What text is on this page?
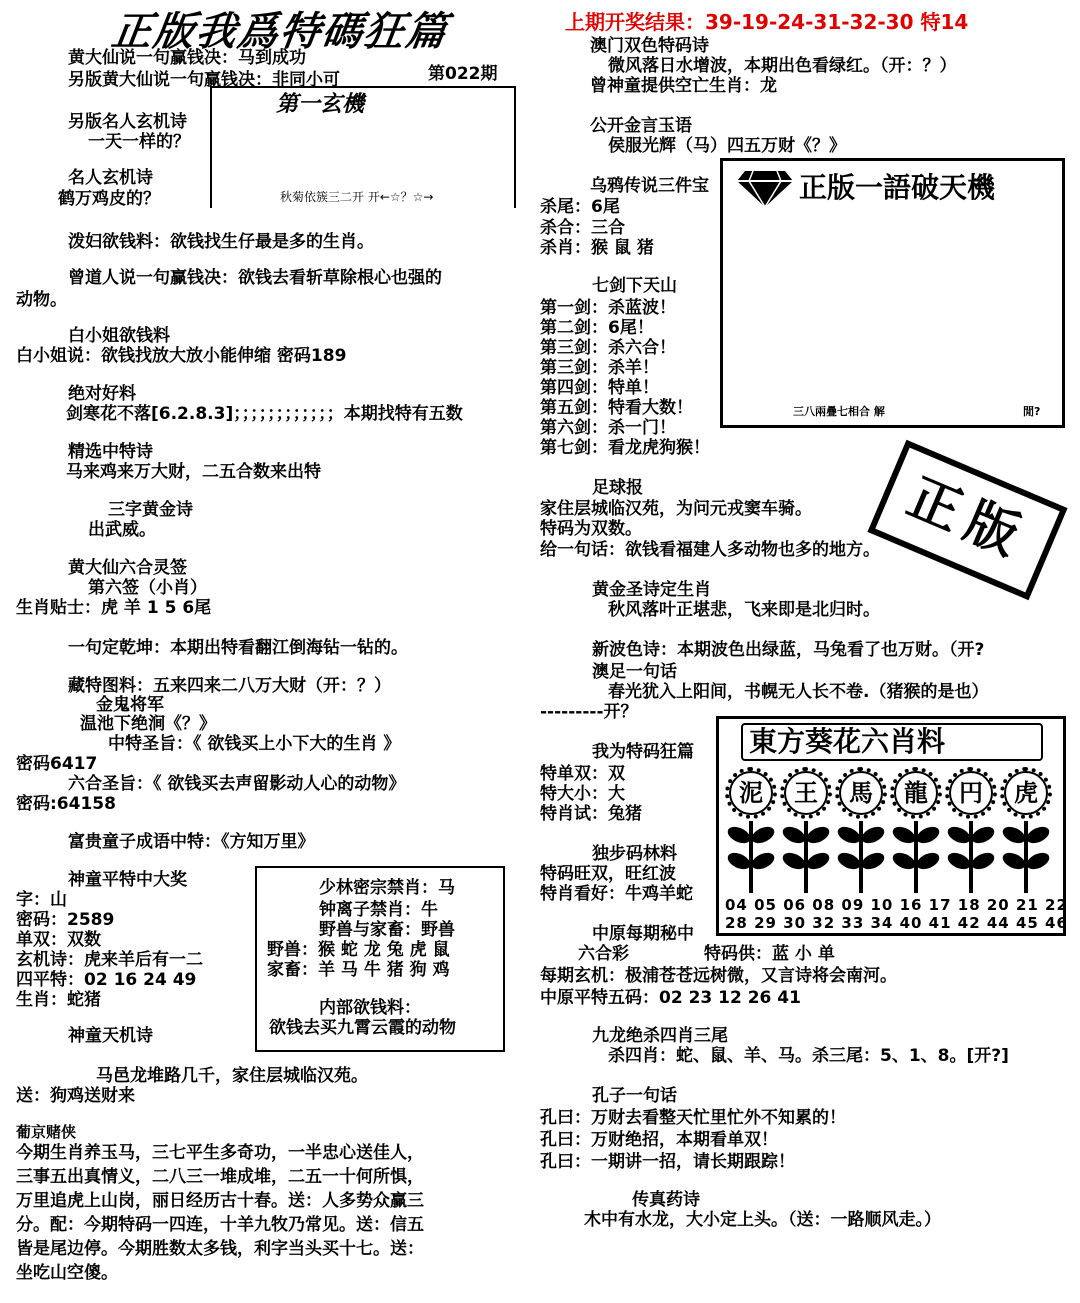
正版我爲特碼狂篇	上期开奖结果：39-19-24-31-32-30 特14
第022期
黄大仙说一句赢钱决：马到成功
另版黄大仙说一句赢钱决：非同小可
另版名人玄机诗
一天一样的？
名人玄机诗
鹤万鸡皮的？
第一玄機
秋菊依簇三二开 开←☆？☆→
泼妇欲钱料：欲钱找生仔最是多的生肖。
曾道人说一句赢钱决：欲钱去看斩草除根心也强的
动物。
白小姐欲钱料
白小姐说：欲钱找放大放小能伸缩 密码189
绝对好料
剑寒花不落[6.2.8.3]；；；；；；；；；；；；本期找特有五数
精选中特诗
马来鸡来万大财，二五合数来出特
三字黄金诗
出武威。
黄大仙六合灵签
第六签（小肖）
生肖贴士：虎 羊 1 5 6尾
一句定乾坤：本期出特看翻江倒海钻一钻的。
藏特图料：五来四来二八万大财（开：？）
金鬼将军
温池下绝涧《？》
中特圣旨：《 欲钱买上小下大的生肖 》
密码6417
六合圣旨：《 欲钱买去声留影动人心的动物》
密码:64158
富贵童子成语中特：《方知万里》
神童平特中大奖
字：山
密码：2589
单双：双数
玄机诗：虎来羊后有一二
四平特：02 16 24 49
生肖：蛇猪
神童天机诗
马邑龙堆路几千，家住层城临汉苑。
送：狗鸡送财来
少林密宗禁肖：马
钟离子禁肖：牛
野兽与家畜：野兽
野兽：猴 蛇 龙 兔 虎 鼠
家畜：羊 马 牛 猪 狗 鸡
内部欲钱料：
欲钱去买九霄云霞的动物
葡京赌侠
今期生肖养玉马，三七平生多奇功，一半忠心送佳人，
三事五出真情义，二八三一堆成堆，二五一十何所惧，
万里追虎上山岗，丽日经历古十春。送：人多势众赢三
分。配：今期特码一四连，十羊九牧乃常见。送：信五
皆是尾边停。今期胜数太多钱，利字当头买十七。送：
坐吃山空傻。
澳门双色特码诗
微风落日水增波，本期出色看绿红。（开：？）
曾神童提供空亡生肖：龙
公开金言玉语
侯服光辉（马）四五万财《？》
乌鸦传说三件宝
杀尾：6尾
杀合：三合
杀肖：猴 鼠 猪
七剑下天山
第一剑：杀蓝波！
第二剑：6尾！
第三剑：杀六合！
第三剑：杀羊！
第四剑：特单！
第五剑：特看大数！
第六剑：杀一门！
第七剑：看龙虎狗猴！
正版一語破天機
三八兩疊七相合 解	閒?
足球报
家住层城临汉苑，为问元戎窦车骑。
特码为双数。
给一句话：欲钱看福建人多动物也多的地方。 正版
黄金圣诗定生肖
秋风落叶正堪悲，飞来即是北归时。
新波色诗：本期波色出绿蓝，马兔看了也万财。（开?
澳足一句话
春光犹入上阳间，书幌无人长不卷.（猪猴的是也）
---------开？
我为特码狂篇
特单双：双
特大小：大
特肖试：兔猪
独步码林料
特码旺双，旺红波
特肖看好：牛鸡羊蛇
東方葵花六肖料
泥	王	馬	龍	円	虎
04 05 06 08 09 10 16 17 18 20 21 22
28 29 30 32 33 34 40 41 42 44 45 46
中原每期秘中
六合彩	特码供：蓝 小 单
每期玄机：极浦苍苍远树微，又言诗将会南河。
中原平特五码：02 23 12 26 41
九龙绝杀四肖三尾
杀四肖：蛇、鼠、羊、马。杀三尾：5、1、8。[开?]
孔子一句话
孔曰：万财去看整天忙里忙外不知累的！
孔曰：万财绝招，本期看单双！
孔曰：一期讲一招，请长期跟踪！
传真药诗
木中有水龙，大小定上头。（送：一路顺风走。）
